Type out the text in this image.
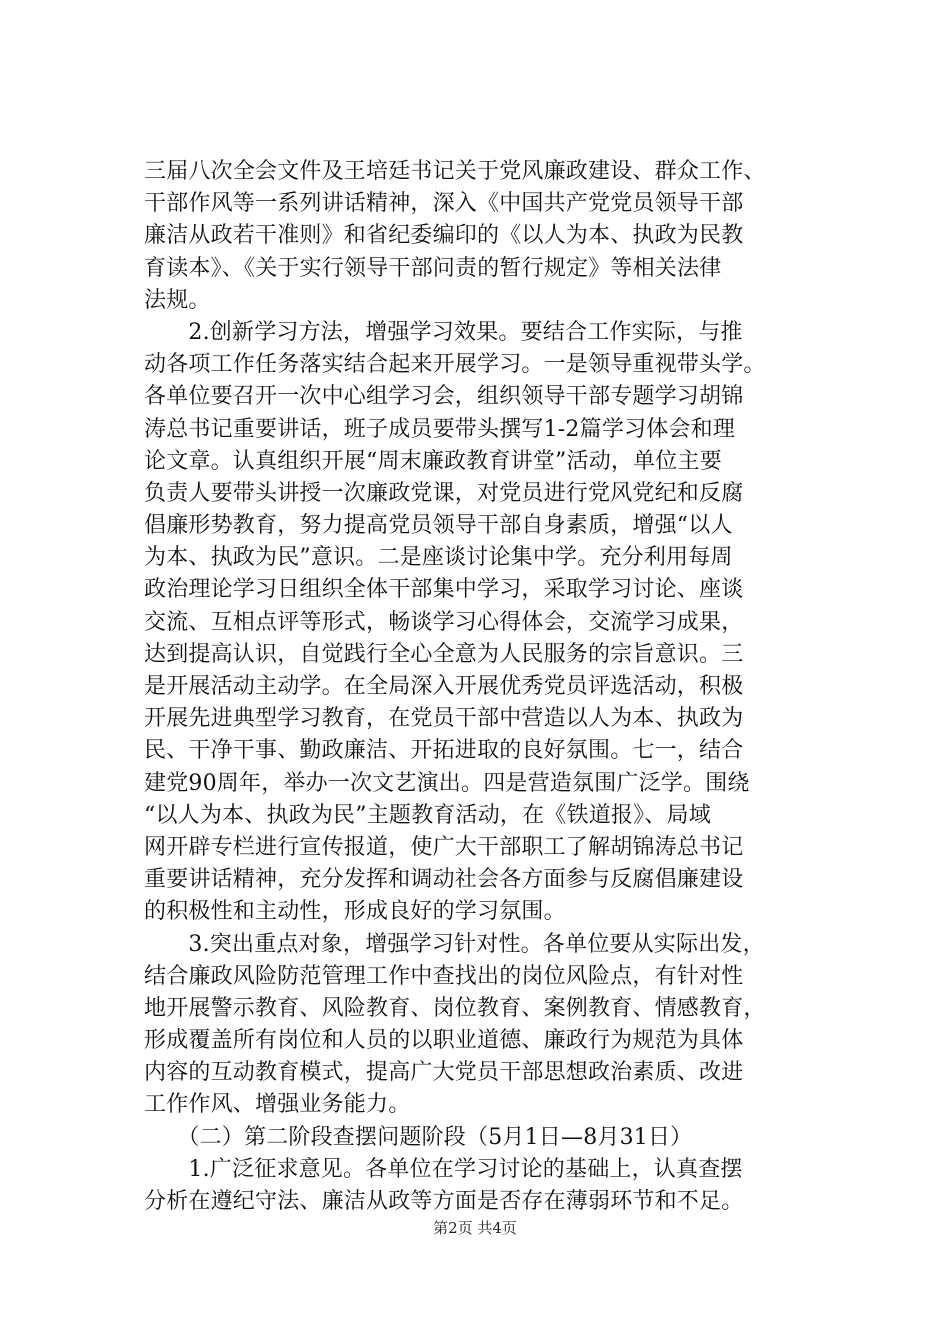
三届八次全会文件及王培廷书记关于党风廉政建设、群众工作、
干部作风等一系列讲话精神，深入《中国共产党党员领导干部
廉洁从政若干准则》和省纪委编印的《以人为本、执政为民教
育读本》、《关于实行领导干部问责的暂行规定》等相关法律
法规。
　　2.创新学习方法，增强学习效果。要结合工作实际，与推
动各项工作任务落实结合起来开展学习。一是领导重视带头学。
各单位要召开一次中心组学习会，组织领导干部专题学习胡锦
涛总书记重要讲话，班子成员要带头撰写1-2篇学习体会和理
论文章。认真组织开展“周末廉政教育讲堂”活动，单位主要
负责人要带头讲授一次廉政党课，对党员进行党风党纪和反腐
倡廉形势教育，努力提高党员领导干部自身素质，增强“以人
为本、执政为民”意识。二是座谈讨论集中学。充分利用每周
政治理论学习日组织全体干部集中学习，采取学习讨论、座谈
交流、互相点评等形式，畅谈学习心得体会，交流学习成果，
达到提高认识，自觉践行全心全意为人民服务的宗旨意识。三
是开展活动主动学。在全局深入开展优秀党员评选活动，积极
开展先进典型学习教育，在党员干部中营造以人为本、执政为
民、干净干事、勤政廉洁、开拓进取的良好氛围。七一，结合
建党90周年，举办一次文艺演出。四是营造氛围广泛学。围绕
“以人为本、执政为民”主题教育活动，在《铁道报》、局域
网开辟专栏进行宣传报道，使广大干部职工了解胡锦涛总书记
重要讲话精神，充分发挥和调动社会各方面参与反腐倡廉建设
的积极性和主动性，形成良好的学习氛围。
　　3.突出重点对象，增强学习针对性。各单位要从实际出发，
结合廉政风险防范管理工作中查找出的岗位风险点，有针对性
地开展警示教育、风险教育、岗位教育、案例教育、情感教育，
形成覆盖所有岗位和人员的以职业道德、廉政行为规范为具体
内容的互动教育模式，提高广大党员干部思想政治素质、改进
工作作风、增强业务能力。
　　（二）第二阶段查摆问题阶段（5月1日—8月31日）
　　1.广泛征求意见。各单位在学习讨论的基础上，认真查摆
分析在遵纪守法、廉洁从政等方面是否存在薄弱环节和不足。
第2页 共4页
